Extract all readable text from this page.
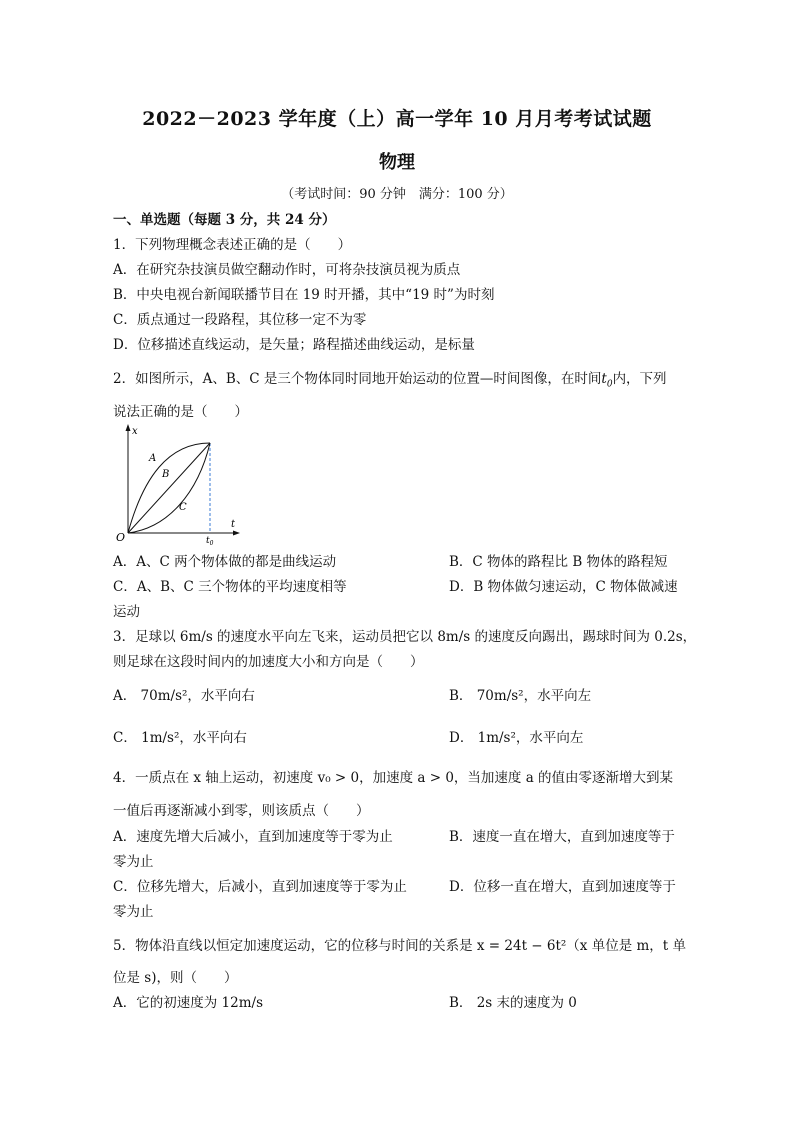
2022－2023 学年度（上）高一学年 10 月月考考试试题
物理
（考试时间：90 分钟　满分：100 分）
一、单选题（每题 3 分，共 24 分）
1．下列物理概念表述正确的是（　　）
A．在研究杂技演员做空翻动作时，可将杂技演员视为质点
B．中央电视台新闻联播节目在 19 时开播，其中“19 时”为时刻
C．质点通过一段路程，其位移一定不为零
D．位移描述直线运动，是矢量；路程描述曲线运动，是标量
2．如图所示，A、B、C 是三个物体同时同地开始运动的位置—时间图像，在时间$t_0$内，下列
说法正确的是（　　）
x
t
O	$t_0$
A
B
C
A．A、C 两个物体做的都是曲线运动	B．C 物体的路程比 B 物体的路程短
C．A、B、C 三个物体的平均速度相等	D．B 物体做匀速运动，C 物体做减速
运动
3．足球以 6m/s 的速度水平向左飞来，运动员把它以 8m/s 的速度反向踢出，踢球时间为 0.2s，
则足球在这段时间内的加速度大小和方向是（　　）
A． 70m/s²，水平向右	B． 70m/s²，水平向左
C． 1m/s²，水平向右	D． 1m/s²，水平向左
4．一质点在 x 轴上运动，初速度 v₀ > 0，加速度 a > 0，当加速度 a 的值由零逐渐增大到某
一值后再逐渐减小到零，则该质点（　　）
A．速度先增大后减小，直到加速度等于零为止	B．速度一直在增大，直到加速度等于
零为止
C．位移先增大，后减小，直到加速度等于零为止	D．位移一直在增大，直到加速度等于
零为止
5．物体沿直线以恒定加速度运动，它的位移与时间的关系是 x = 24t − 6t²（x 单位是 m，t 单
位是 s)，则（　　）
A．它的初速度为 12m/s	B． 2s 末的速度为 0
